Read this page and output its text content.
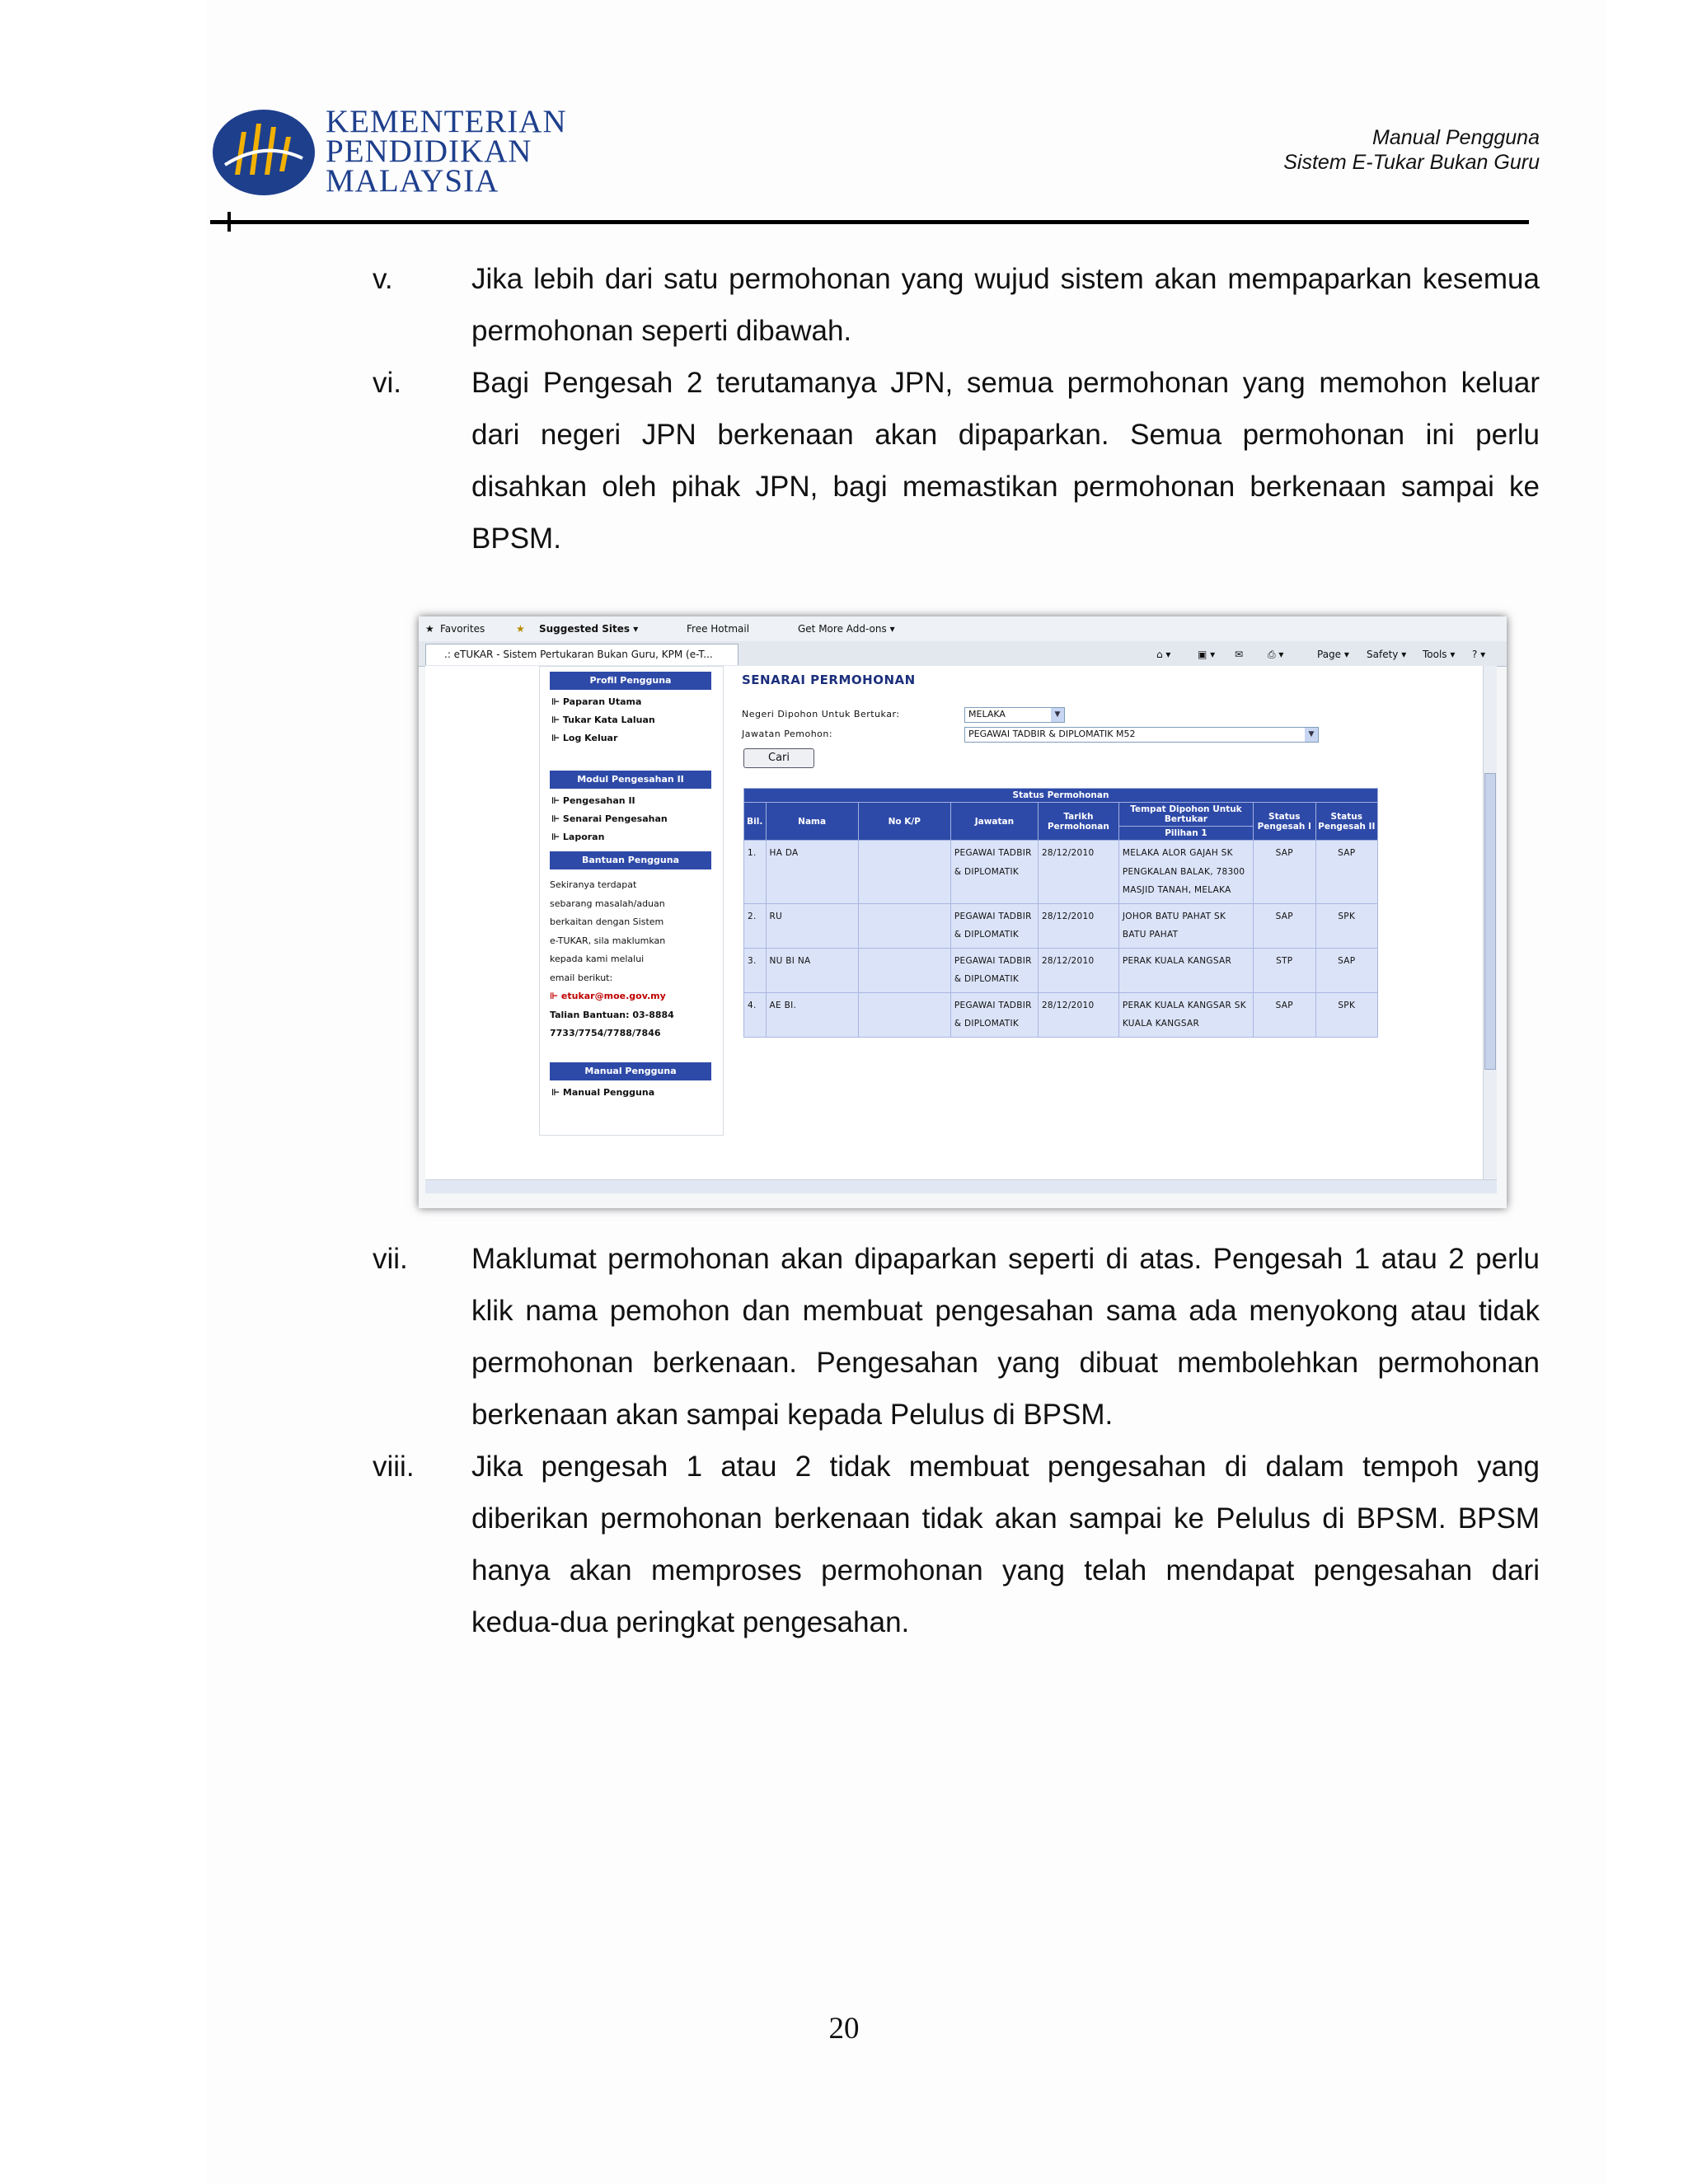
KEMENTERIAN
PENDIDIKAN
MALAYSIA
Manual Pengguna
Sistem E-Tukar Bukan Guru
v.	Jika lebih dari satu permohonan yang wujud sistem akan mempaparkan kesemua permohonan seperti dibawah.
vi. Bagi Pengesah 2 terutamanya JPN, semua permohonan yang memohon keluar dari negeri JPN berkenaan akan dipaparkan. Semua permohonan ini perlu disahkan oleh pihak JPN, bagi memastikan permohonan berkenaan sampai ke BPSM.
★ Favorites	★ Suggested Sites ▾	Free Hotmail	Get More Add-ons ▾
.: eTUKAR - Sistem Pertukaran Bukan Guru, KPM (e-T...	⌂ ▾	▣ ▾ ✉ ⎙ ▾	Page ▾ Safety ▾ Tools ▾ ? ▾
Profil Pengguna
⊩ Paparan Utama
⊩ Tukar Kata Laluan
⊩ Log Keluar
Modul Pengesahan II
⊩ Pengesahan II
⊩ Senarai Pengesahan
⊩ Laporan
Bantuan Pengguna
Sekiranya terdapat
sebarang masalah/aduan
berkaitan dengan Sistem
e-TUKAR, sila maklumkan
kepada kami melalui
email berikut:
⊩ etukar@moe.gov.my
Talian Bantuan: 03-8884
7733/7754/7788/7846
Manual Pengguna
⊩ Manual Pengguna
SENARAI PERMOHONAN
Negeri Dipohon Untuk Bertukar:	MELAKA	▼
Jawatan Pemohon:	PEGAWAI TADBIR & DIPLOMATIK M52	▼
Cari
Status Permohonan							
Bil.	Nama	No K/P	Jawatan	Tarikh Permohonan	Tempat Dipohon Untuk Bertukar	Status Pengesah I	Status Pengesah II
					Pilihan 1		
1.	HA DA		PEGAWAI TADBIR & DIPLOMATIK	28/12/2010	MELAKA ALOR GAJAH SK PENGKALAN BALAK, 78300 MASJID TANAH, MELAKA	SAP	SAP
2.	RU		PEGAWAI TADBIR & DIPLOMATIK	28/12/2010	JOHOR BATU PAHAT SK BATU PAHAT	SAP	SPK
3.	NU BI NA		PEGAWAI TADBIR & DIPLOMATIK	28/12/2010	PERAK KUALA KANGSAR	STP	SAP
4.	AE BI.		PEGAWAI TADBIR & DIPLOMATIK	28/12/2010	PERAK KUALA KANGSAR SK KUALA KANGSAR	SAP	SPK
vii. Maklumat permohonan akan dipaparkan seperti di atas. Pengesah 1 atau 2 perlu klik nama pemohon dan membuat pengesahan sama ada menyokong atau tidak permohonan berkenaan. Pengesahan yang dibuat membolehkan permohonan berkenaan akan sampai kepada Pelulus di BPSM.
viii. Jika pengesah 1 atau 2 tidak membuat pengesahan di dalam tempoh yang diberikan permohonan berkenaan tidak akan sampai ke Pelulus di BPSM. BPSM hanya akan memproses permohonan yang telah mendapat pengesahan dari kedua-dua peringkat pengesahan.
20
